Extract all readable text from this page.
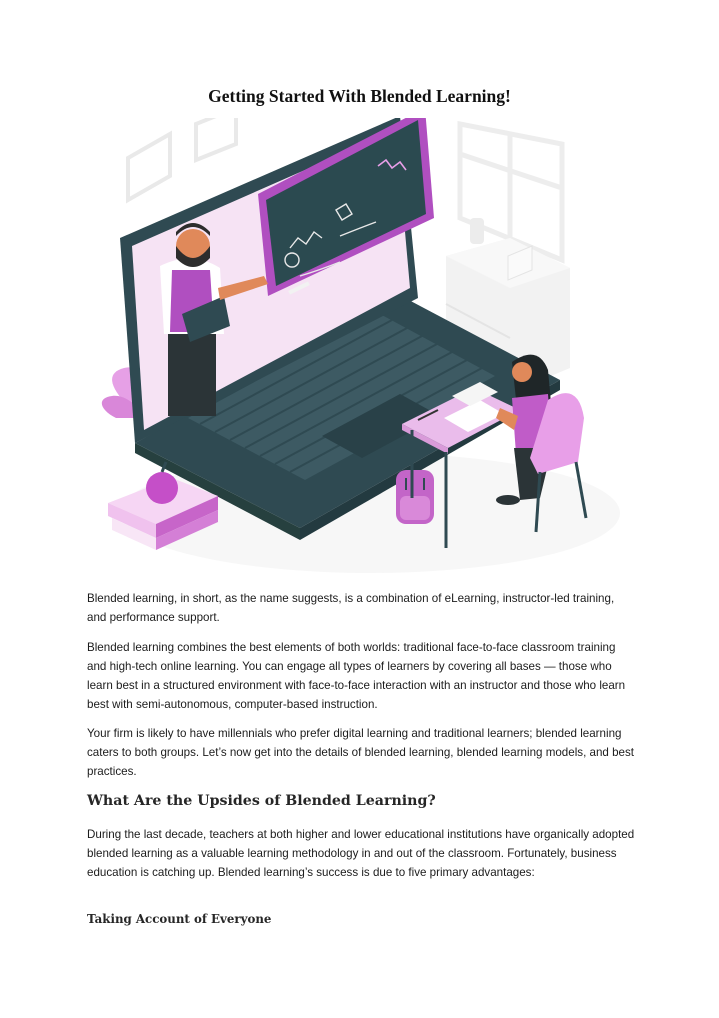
Getting Started With Blended Learning!

Blended learning, in short, as the name suggests, is a combination of eLearning, instructor-led training, and performance support.

Blended learning combines the best elements of both worlds: traditional face-to-face classroom training and high-tech online learning. You can engage all types of learners by covering all bases — those who learn best in a structured environment with face-to-face interaction with an instructor and those who learn best with semi-autonomous, computer-based instruction.

Your firm is likely to have millennials who prefer digital learning and traditional learners; blended learning caters to both groups. Let’s now get into the details of blended learning, blended learning models, and best practices.

What Are the Upsides of Blended Learning?

During the last decade, teachers at both higher and lower educational institutions have organically adopted blended learning as a valuable learning methodology in and out of the classroom. Fortunately, business education is catching up. Blended learning’s success is due to five primary advantages:

Taking Account of Everyone
